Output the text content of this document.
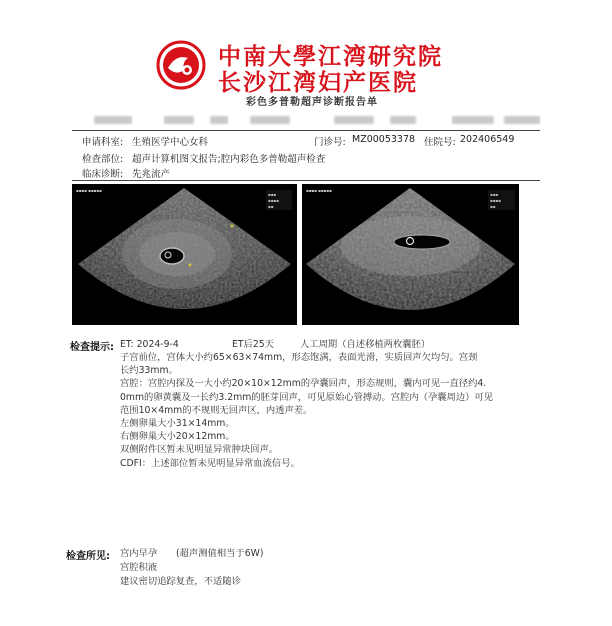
中南大學江湾研究院
长沙江湾妇产医院
彩色多普勒超声诊断报告单
申请科室: 生殖医学中心女科	门诊号: MZ00053378 住院号: 202406549
检查部位: 超声计算机图文报告;腔内彩色多普勒超声检查
临床诊断: 先兆流产
▪▪▪▪ ▪▪▪▪▪
▪▪▪
▪▪▪▪
▪▪
▪▪▪
▪▪▪▪
▪▪
▪▪▪▪ ▪▪▪▪▪
检查提示: ET: 2024-9-4	ET后25天	人工周期（自述移植两枚囊胚）
子宫前位，宫体大小约65×63×74mm，形态饱满，表面光滑，实质回声欠均匀。宫颈
长约33mm。
宫腔：宫腔内探及一大小约20×10×12mm的孕囊回声，形态规则，囊内可见一直径约4.
0mm的卵黄囊及一长约3.2mm的胚芽回声，可见原始心管搏动。宫腔内（孕囊周边）可见
范围10×4mm的不规则无回声区，内透声差。
左侧卵巢大小31×14mm。
右侧卵巢大小20×12mm。
双侧附件区暂未见明显异常肿块回声。
CDFI：上述部位暂未见明显异常血流信号。
检查所见: 宫内早孕 (超声测值相当于6W)
宫腔积液
建议密切追踪复查，不适随诊
